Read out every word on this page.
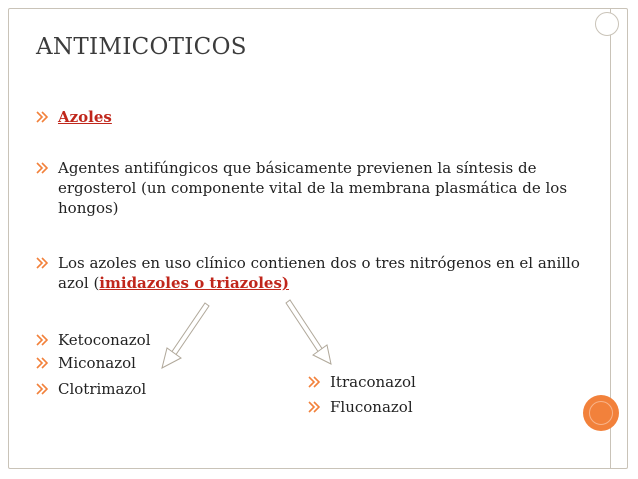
ANTIMICOTICOS
Azoles
Agentes antifúngicos que básicamente previenen la síntesis de ergosterol (un componente vital de la membrana plasmática de los hongos)
Los azoles en uso clínico contienen dos o tres nitrógenos en el anillo azol (imidazoles o triazoles)
Ketoconazol
Miconazol
Clotrimazol	Itraconazol
Fluconazol
